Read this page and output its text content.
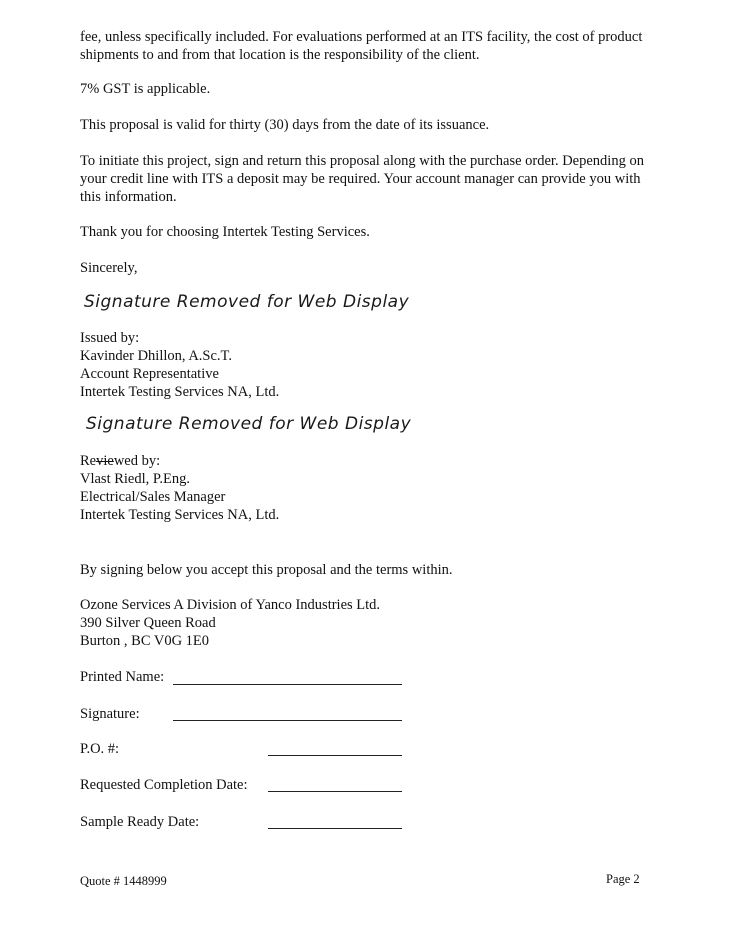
fee, unless specifically included. For evaluations performed at an ITS facility, the cost of product
shipments to and from that location is the responsibility of the client.

7% GST is applicable.

This proposal is valid for thirty (30) days from the date of its issuance.

To initiate this project, sign and return this proposal along with the purchase order. Depending on
your credit line with ITS a deposit may be required. Your account manager can provide you with
this information.

Thank you for choosing Intertek Testing Services.

Sincerely,

Signature Removed for Web Display

Issued by:
Kavinder Dhillon, A.Sc.T.
Account Representative
Intertek Testing Services NA, Ltd.

Signature Removed for Web Display

Reviewed by:
Vlast Riedl, P.Eng.
Electrical/Sales Manager
Intertek Testing Services NA, Ltd.

By signing below you accept this proposal and the terms within.

Ozone Services A Division of Yanco Industries Ltd.
390 Silver Queen Road
Burton , BC V0G 1E0

Printed Name:
Signature:
P.O. #:
Requested Completion Date:
Sample Ready Date:
Quote # 1448999	Page 2
